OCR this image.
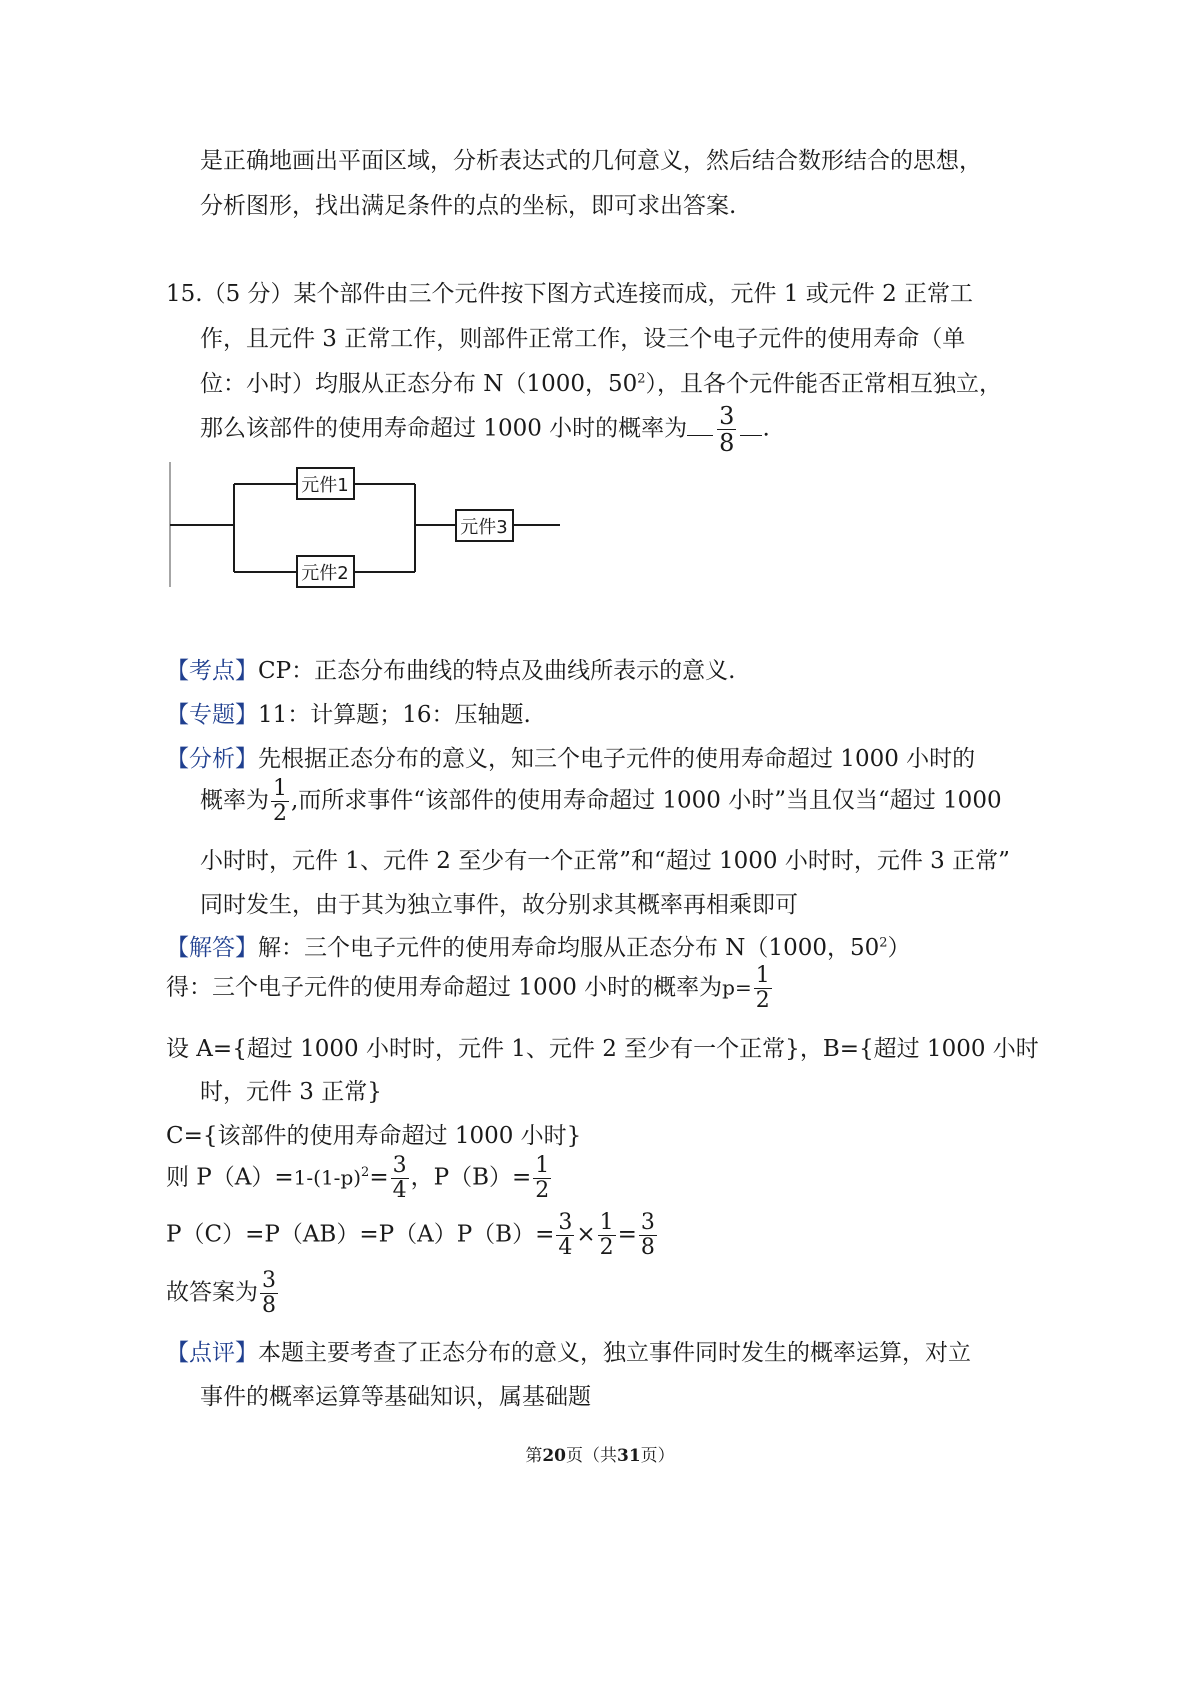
是正确地画出平面区域，分析表达式的几何意义，然后结合数形结合的思想，
分析图形，找出满足条件的点的坐标，即可求出答案.
15.（5 分）某个部件由三个元件按下图方式连接而成，元件 1 或元件 2 正常工
作，且元件 3 正常工作，则部件正常工作，设三个电子元件的使用寿命（单
位：小时）均服从正态分布 N（1000，$50^2$），且各个元件能否正常相互独立，
那么该部件的使用寿命超过 1000 小时的概率为 $\frac{3}{8}$ .
元件1
元件2
元件3
【考点】CP：正态分布曲线的特点及曲线所表示的意义.
【专题】11：计算题；16：压轴题.
【分析】先根据正态分布的意义，知三个电子元件的使用寿命超过 1000 小时的
概率为 $\frac{1}{2}$ ,而所求事件“该部件的使用寿命超过 1000 小时”当且仅当“超过 1000
小时时，元件 1、元件 2 至少有一个正常”和“超过 1000 小时时，元件 3 正常”
同时发生，由于其为独立事件，故分别求其概率再相乘即可
【解答】解：三个电子元件的使用寿命均服从正态分布 N（1000，$50^2$）
得：三个电子元件的使用寿命超过 1000 小时的概率为$p= \frac{1}{2}$
设 A={超过 1000 小时时，元件 1、元件 2 至少有一个正常}，B={超过 1000 小时
时，元件 3 正常}
C={该部件的使用寿命超过 1000 小时}
则 $P(A)=1-(1-p)^2= \frac{3}{4}$ ，$P(B)= \frac{1}{2}$
$P(C)=P(AB)=P(A)P(B)= \frac{3}{4} \times \frac{1}{2} = \frac{3}{8}$
故答案为 $\frac{3}{8}$
【点评】本题主要考查了正态分布的意义，独立事件同时发生的概率运算，对立
事件的概率运算等基础知识，属基础题
第20页（共31页）
